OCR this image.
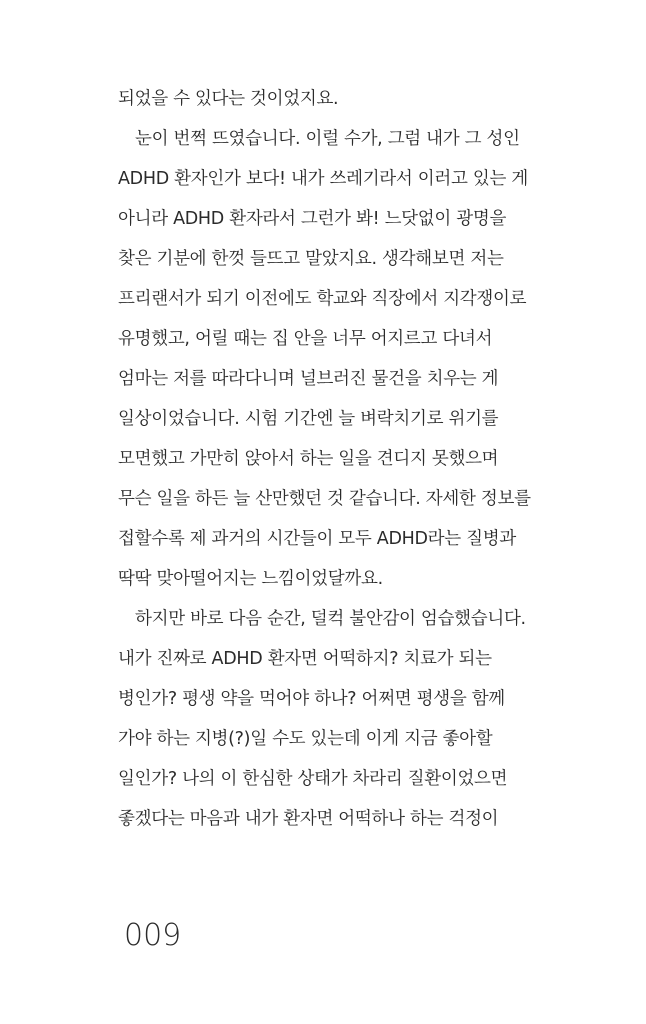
되었을 수 있다는 것이었지요.
눈이 번쩍 뜨였습니다. 이럴 수가, 그럼 내가 그 성인
ADHD 환자인가 보다! 내가 쓰레기라서 이러고 있는 게
아니라 ADHD 환자라서 그런가 봐! 느닷없이 광명을
찾은 기분에 한껏 들뜨고 말았지요. 생각해보면 저는
프리랜서가 되기 이전에도 학교와 직장에서 지각쟁이로
유명했고, 어릴 때는 집 안을 너무 어지르고 다녀서
엄마는 저를 따라다니며 널브러진 물건을 치우는 게
일상이었습니다. 시험 기간엔 늘 벼락치기로 위기를
모면했고 가만히 앉아서 하는 일을 견디지 못했으며
무슨 일을 하든 늘 산만했던 것 같습니다. 자세한 정보를
접할수록 제 과거의 시간들이 모두 ADHD라는 질병과
딱딱 맞아떨어지는 느낌이었달까요.
하지만 바로 다음 순간, 덜컥 불안감이 엄습했습니다.
내가 진짜로 ADHD 환자면 어떡하지? 치료가 되는
병인가? 평생 약을 먹어야 하나? 어쩌면 평생을 함께
가야 하는 지병(?)일 수도 있는데 이게 지금 좋아할
일인가? 나의 이 한심한 상태가 차라리 질환이었으면
좋겠다는 마음과 내가 환자면 어떡하나 하는 걱정이
009
